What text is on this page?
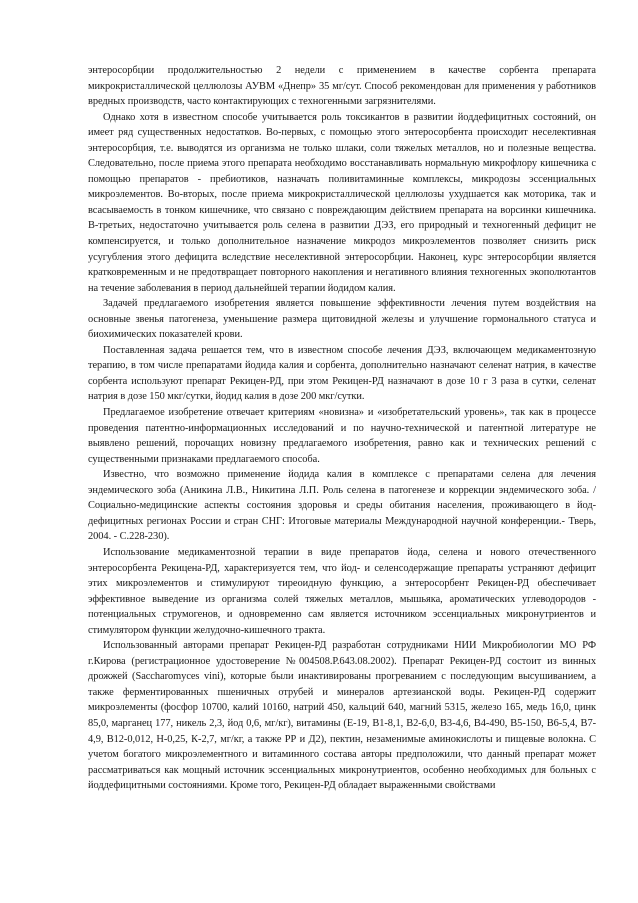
энтеросорбции продолжительностью 2 недели с применением в качестве сорбента препарата микрокристаллической целлюлозы АУВМ «Днепр» 35 мг/сут. Способ рекомендован для применения у работников вредных производств, часто контактирующих с техногенными загрязнителями.

Однако хотя в известном способе учитывается роль токсикантов в развитии йоддефицитных состояний, он имеет ряд существенных недостатков. Во-первых, с помощью этого энтеросорбента происходит неселективная энтеросорбция, т.е. выводятся из организма не только шлаки, соли тяжелых металлов, но и полезные вещества. Следовательно, после приема этого препарата необходимо восстанавливать нормальную микрофлору кишечника с помощью препаратов - пребиотиков, назначать поливитаминные комплексы, микродозы эссенциальных микроэлементов. Во-вторых, после приема микрокристаллической целлюлозы ухудшается как моторика, так и всасываемость в тонком кишечнике, что связано с повреждающим действием препарата на ворсинки кишечника. В-третьих, недостаточно учитывается роль селена в развитии ДЭЗ, его природный и техногенный дефицит не компенсируется, и только дополнительное назначение микродоз микроэлементов позволяет снизить риск усугубления этого дефицита вследствие неселективной энтеросорбции. Наконец, курс энтеросорбции является кратковременным и не предотвращает повторного накопления и негативного влияния техногенных экополютантов на течение заболевания в период дальнейшей терапии йодидом калия.

Задачей предлагаемого изобретения является повышение эффективности лечения путем воздействия на основные звенья патогенеза, уменьшение размера щитовидной железы и улучшение гормонального статуса и биохимических показателей крови.

Поставленная задача решается тем, что в известном способе лечения ДЭЗ, включающем медикаментозную терапию, в том числе препаратами йодида калия и сорбента, дополнительно назначают селенат натрия, в качестве сорбента используют препарат Рекицен-РД, при этом Рекицен-РД назначают в дозе 10 г 3 раза в сутки, селенат натрия в дозе 150 мкг/сутки, йодид калия в дозе 200 мкг/сутки.

Предлагаемое изобретение отвечает критериям «новизна» и «изобретательский уровень», так как в процессе проведения патентно-информационных исследований и по научно-технической и патентной литературе не выявлено решений, порочащих новизну предлагаемого изобретения, равно как и технических решений с существенными признаками предлагаемого способа.

Известно, что возможно применение йодида калия в комплексе с препаратами селена для лечения эндемического зоба (Аникина Л.В., Никитина Л.П. Роль селена в патогенезе и коррекции эндемического зоба. / Социально-медицинские аспекты состояния здоровья и среды обитания населения, проживающего в йод-дефицитных регионах России и стран СНГ: Итоговые материалы Международной научной конференции.- Тверь, 2004. - С.228-230).

Использование медикаментозной терапии в виде препаратов йода, селена и нового отечественного энтеросорбента Рекицена-РД, характеризуется тем, что йод- и селенсодержащие препараты устраняют дефицит этих микроэлементов и стимулируют тиреоидную функцию, а энтеросорбент Рекицен-РД обеспечивает эффективное выведение из организма солей тяжелых металлов, мышьяка, ароматических углеводородов - потенциальных струмогенов, и одновременно сам является источником эссенциальных микронутриентов и стимулятором функции желудочно-кишечного тракта.

Использованный авторами препарат Рекицен-РД разработан сотрудниками НИИ Микробиологии МО РФ г.Кирова (регистрационное удостоверение №004508.Р.643.08.2002). Препарат Рекицен-РД состоит из винных дрожжей (Saccharomyces vini), которые были инактивированы прогреванием с последующим высушиванием, а также ферментированных пшеничных отрубей и минералов артезианской воды. Рекицен-РД содержит микроэлементы (фосфор 10700, калий 10160, натрий 450, кальций 640, магний 5315, железо 165, медь 16,0, цинк 85,0, марганец 177, никель 2,3, йод 0,6, мг/кг), витамины (Е-19, В1-8,1, В2-6,0, В3-4,6, В4-490, В5-150, В6-5,4, В7-4,9, В12-0,012, Н-0,25, К-2,7, мг/кг, а также РР и Д2), пектин, незаменимые аминокислоты и пищевые волокна. С учетом богатого микроэлементного и витаминного состава авторы предположили, что данный препарат может рассматриваться как мощный источник эссенциальных микронутриентов, особенно необходимых для больных с йоддефицитными состояниями. Кроме того, Рекицен-РД обладает выраженными свойствами
